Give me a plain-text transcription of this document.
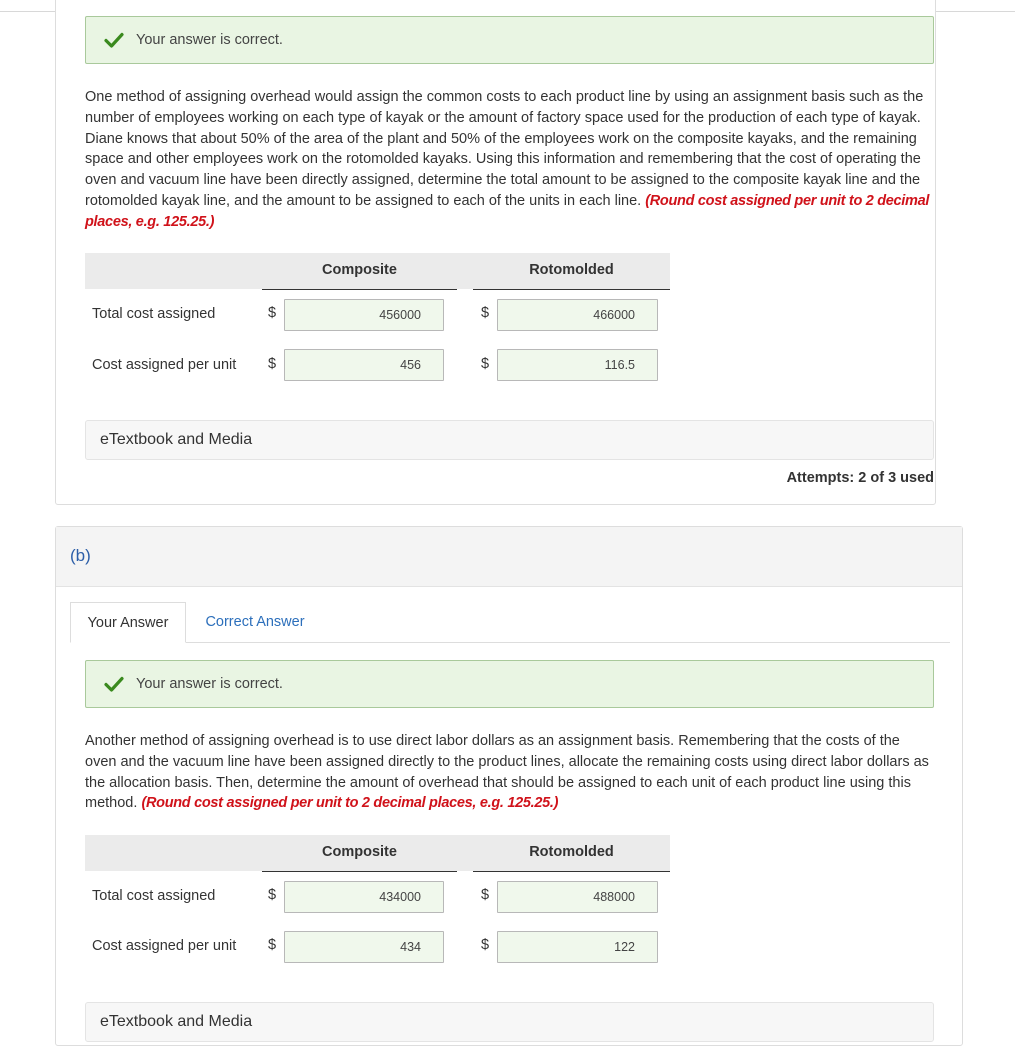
Your answer is correct.
One method of assigning overhead would assign the common costs to each product line by using an assignment basis such as the number of employees working on each type of kayak or the amount of factory space used for the production of each type of kayak. Diane knows that about 50% of the area of the plant and 50% of the employees work on the composite kayaks, and the remaining space and other employees work on the rotomolded kayaks. Using this information and remembering that the cost of operating the oven and vacuum line have been directly assigned, determine the total amount to be assigned to the composite kayak line and the rotomolded kayak line, and the amount to be assigned to each of the units in each line. (Round cost assigned per unit to 2 decimal places, e.g. 125.25.)
Composite	Rotomolded
Total cost assigned	$	456000	$	466000
Cost assigned per unit $	456	$	116.5
eTextbook and Media
Attempts: 2 of 3 used
(b)
Your Answer	Correct Answer
Your answer is correct.
Another method of assigning overhead is to use direct labor dollars as an assignment basis. Remembering that the costs of the oven and the vacuum line have been assigned directly to the product lines, allocate the remaining costs using direct labor dollars as the allocation basis. Then, determine the amount of overhead that should be assigned to each unit of each product line using this method. (Round cost assigned per unit to 2 decimal places, e.g. 125.25.)
Composite	Rotomolded
Total cost assigned	$	434000	$	488000
Cost assigned per unit $	434	$	122
eTextbook and Media
